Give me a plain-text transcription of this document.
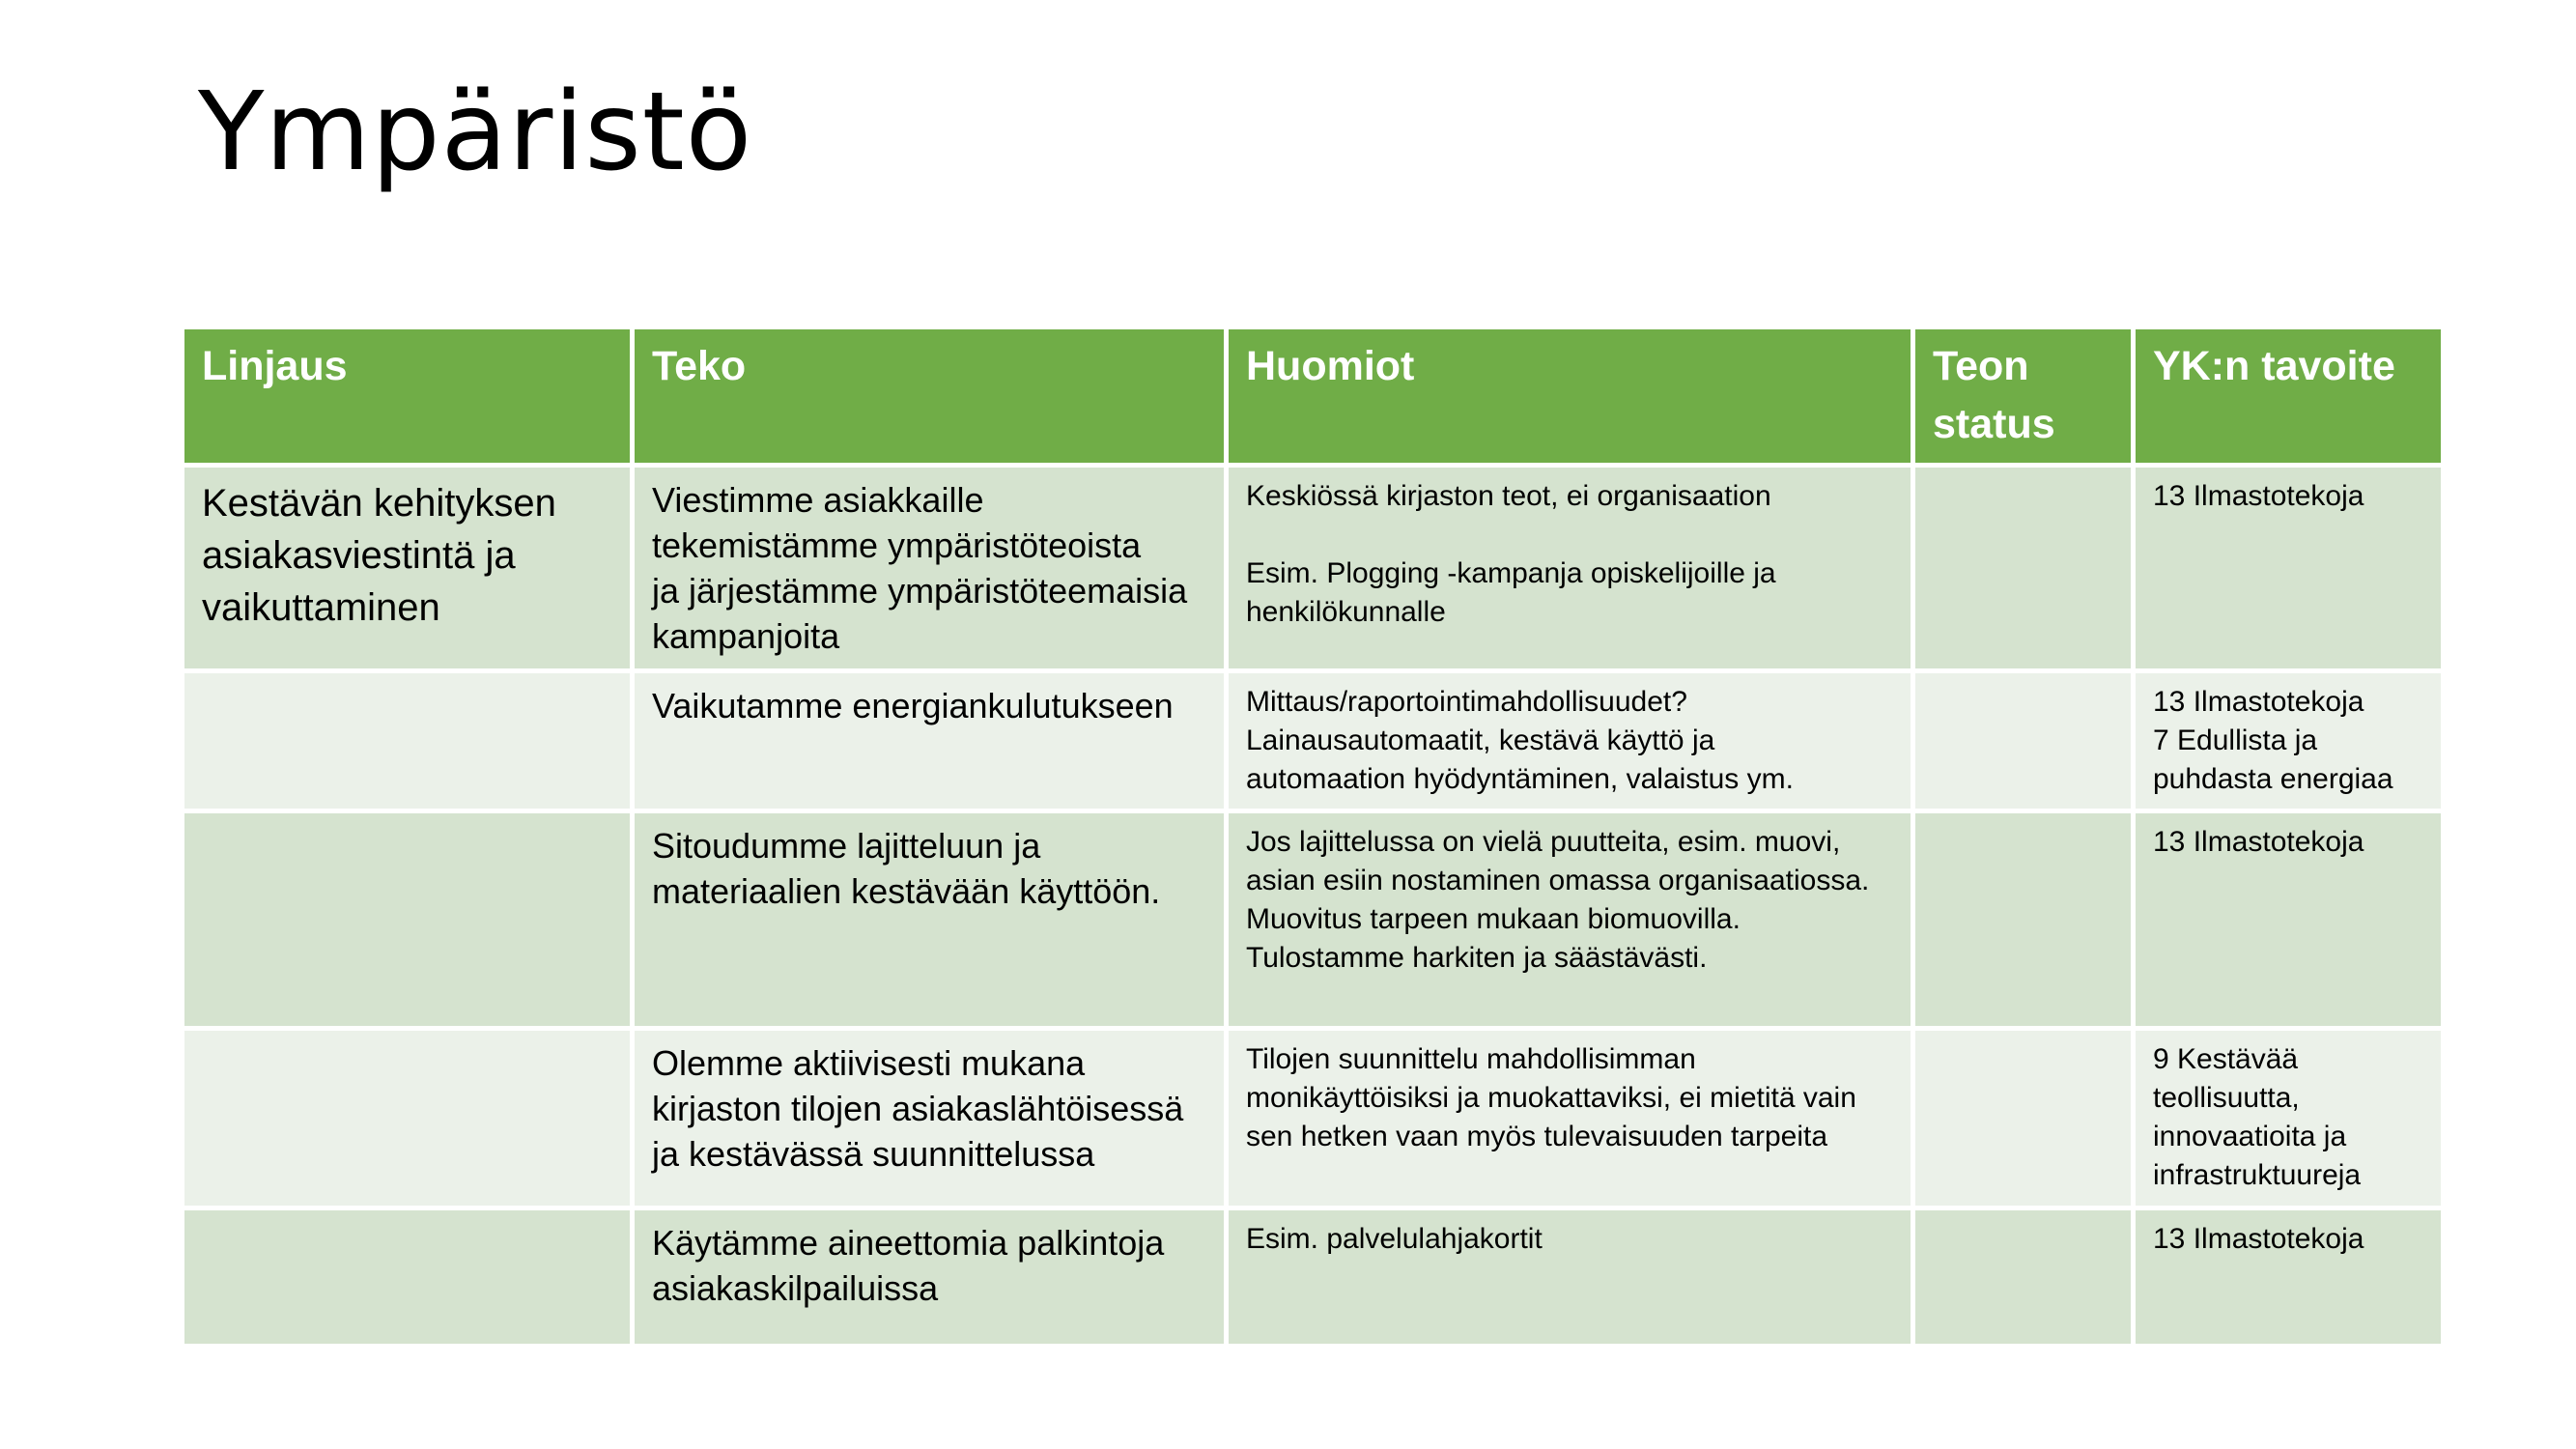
Ympäristö
Linjaus	Teko	Huomiot	Teon
status	YK:n tavoite

Kestävän kehityksen
asiakasviestintä ja
vaikuttaminen	Viestimme asiakkaille
tekemistämme ympäristöteoista
ja järjestämme ympäristöteemaisia
kampanjoita	Keskiössä kirjaston teot, ei organisaation
Esim. Plogging -kampanja opiskelijoille ja
henkilökunnalle		13 Ilmastotekoja

	Vaikutamme energiankulutukseen	Mittaus/raportointimahdollisuudet?
Lainausautomaatit, kestävä käyttö ja
automaation hyödyntäminen, valaistus ym.		13 Ilmastotekoja
7 Edullista ja
puhdasta energiaa

	Sitoudumme lajitteluun ja
materiaalien kestävään käyttöön.	Jos lajittelussa on vielä puutteita, esim. muovi,
asian esiin nostaminen omassa organisaatiossa.
Muovitus tarpeen mukaan biomuovilla.
Tulostamme harkiten ja säästävästi.		13 Ilmastotekoja

	Olemme aktiivisesti mukana
kirjaston tilojen asiakaslähtöisessä
ja kestävässä suunnittelussa	Tilojen suunnittelu mahdollisimman
monikäyttöisiksi ja muokattaviksi, ei mietitä vain
sen hetken vaan myös tulevaisuuden tarpeita		9 Kestävää
teollisuutta,
innovaatioita ja
infrastruktuureja

	Käytämme aineettomia palkintoja
asiakaskilpailuissa	Esim. palvelulahjakortit		13 Ilmastotekoja
